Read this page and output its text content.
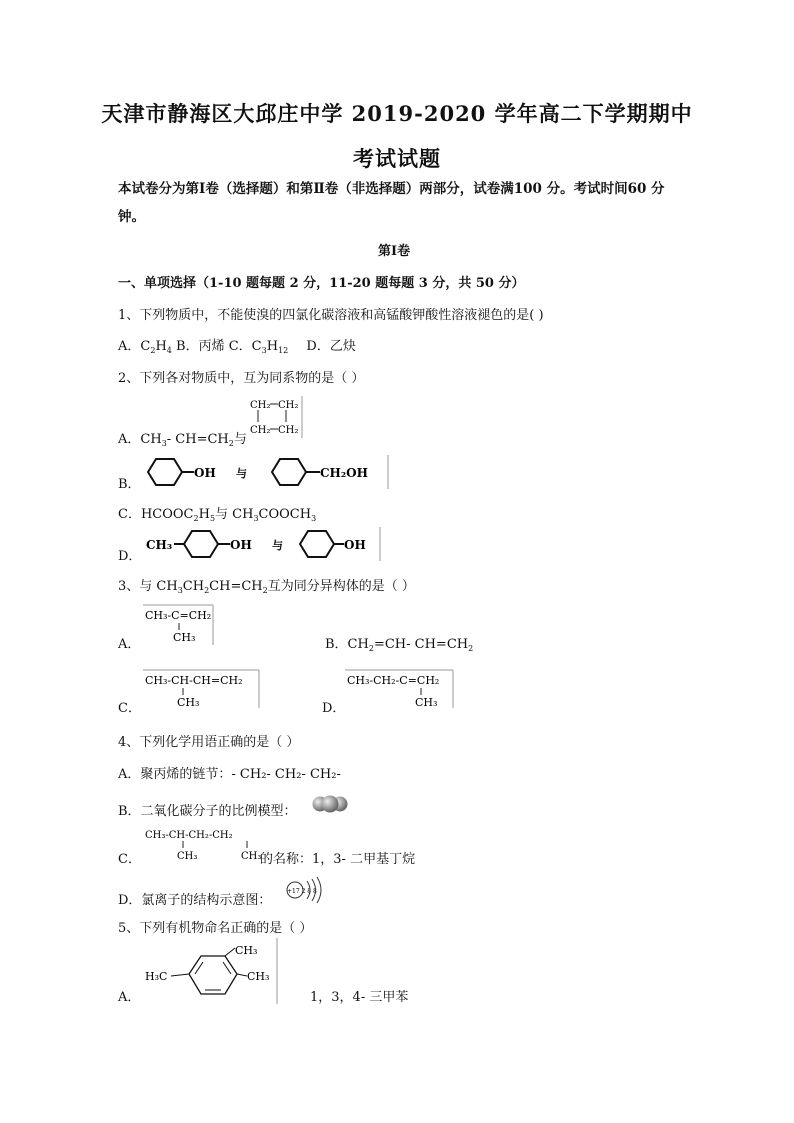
天津市静海区大邱庄中学 2019-2020 学年高二下学期期中
考试试题
本试卷分为第Ⅰ卷（选择题）和第Ⅱ卷（非选择题）两部分，试卷满100 分。考试时间60 分钟。
第Ⅰ卷
一、单项选择（1-10 题每题 2 分，11-20 题每题 3 分，共 50 分）
1、下列物质中，不能使溴的四氯化碳溶液和高锰酸钾酸性溶液褪色的是( )
A．$C_2H_4$ B．丙烯 C．$C_3H_{12}$ D．乙炔
2、下列各对物质中，互为同系物的是（ ）
A．$CH_3-$ $CH=CH_2$与
CH₂ CH₂
CH₂ CH₂
B．
OH 与	CH₂OH
C．$HCOOC_2H_5$与 $CH_3COOCH_3$
D．
CH₃	OH 与	OH
3、与 $CH_3CH_2CH=CH_2$互为同分异构体的是（ ）
A．
CH₃-C=CH₂
CH₃	B．$CH_2=CH-$ $CH=CH_2$
C．
CH₃-CH-CH=CH₂
CH₃	D．
CH₃-CH₂-C=CH₂
CH₃
4、下列化学用语正确的是（ ）
A．聚丙烯的链节：- CH₂- CH₂- CH₂-
B．二氧化碳分子的比例模型：
C．
CH₃-CH-CH₂-CH₂
CH₃	CH₃
的名称：1，3- 二甲基丁烷
D．氯离子的结构示意图：
+17 2 8 8
5、下列有机物命名正确的是（ ）
A．
CH₃
H₃C	CH₃
1，3，4- 三甲苯
